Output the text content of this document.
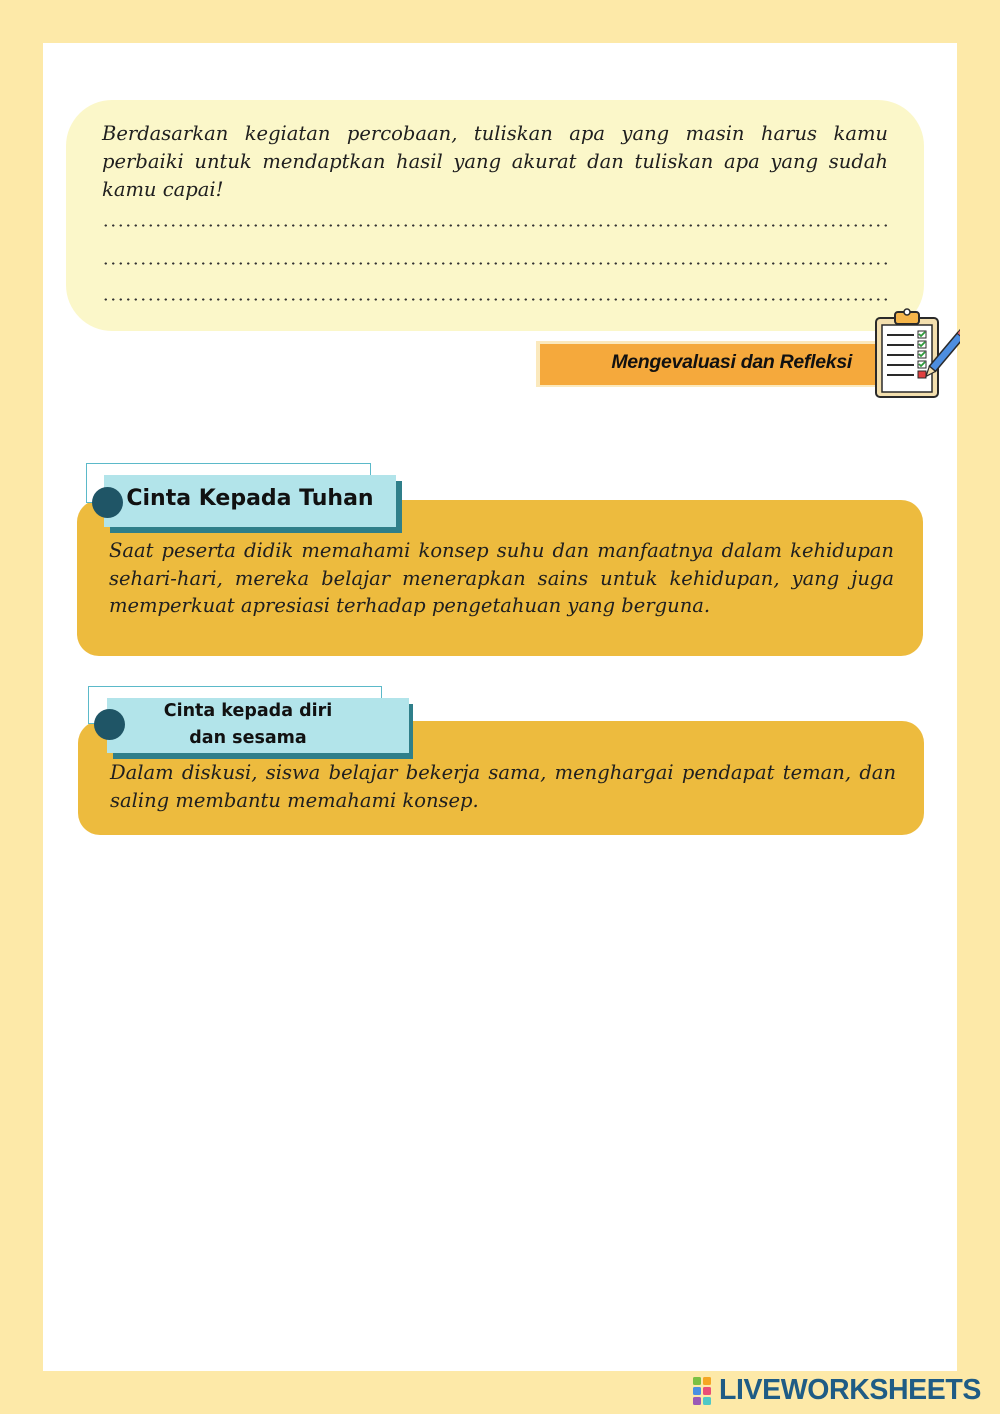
Berdasarkan kegiatan percobaan, tuliskan apa yang masin harus kamu perbaiki untuk mendaptkan hasil yang akurat dan tuliskan apa yang sudah kamu capai!

Mengevaluasi dan Refleksi
Cinta Kepada Tuhan

Saat peserta didik memahami konsep suhu dan manfaatnya dalam kehidupan sehari-hari, mereka belajar menerapkan sains untuk kehidupan, yang juga memperkuat apresiasi terhadap pengetahuan yang berguna.

Cinta kepada diri
dan sesama

Dalam diskusi, siswa belajar bekerja sama, menghargai pendapat teman, dan saling membantu memahami konsep.

LIVEWORKSHEETS
